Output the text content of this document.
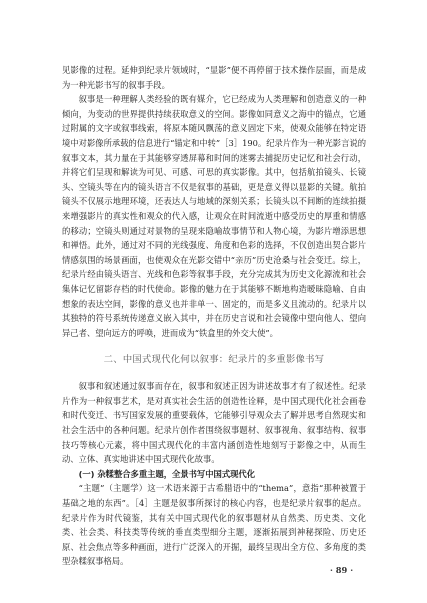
见影像的过程。延伸到纪录片领域时，“显影”便不再停留于技术操作层面，而是成为一种光影书写的叙事手段。

叙事是一种理解人类经验的既有媒介，它已经成为人类理解和创造意义的一种倾向，为变动的世界提供持续获取意义的空间。影像如同意义之海中的锚点，它通过附属的文字或叙事线索，将原本随风飘荡的意义固定下来，使观众能够在特定语境中对影像所承载的信息进行“锚定和中转”［3］190。纪录片作为一种光影言说的叙事文本，其力量在于其能够穿透屏幕和时间的迷雾去捕捉历史记忆和社会行动，并将它们呈现和解读为可见、可感、可思的真实影像。其中，包括航拍镜头、长镜头、空镜头等在内的镜头语言不仅是叙事的基础，更是意义得以显影的关键。航拍镜头不仅展示地理环境，还表达人与地域的深刻关系；长镜头以不间断的连续拍摄来增强影片的真实性和观众的代入感，让观众在时间流逝中感受历史的厚重和情感的移动；空镜头则通过对景物的呈现来隐喻故事情节和人物心境，为影片增添思想和禅悟。此外，通过对不同的光线强度、角度和色彩的选择，不仅创造出契合影片情感氛围的场景画面，也使观众在光影交错中“亲历”历史沧桑与社会变迁。综上，纪录片经由镜头语言、光线和色彩等叙事手段，充分完成其为历史文化源流和社会集体记忆留影存档的时代使命。影像的魅力在于其能够不断地构造暧昧隐喻、自由想象的表达空间，影像的意义也并非单一、固定的，而是多义且流动的。纪录片以其独特的符号系统传递意义嵌入其中，并在历史言说和社会镜像中望向他人、望向异己者、望向远方的呼唤，进而成为“铁盒里的外交大使”。

二、中国式现代化何以叙事：纪录片的多重影像书写

叙事和叙述通过叙事而存在，叙事和叙述正因为讲述故事才有了叙述性。纪录片作为一种叙事艺术，是对真实社会生活的创造性诠释，是中国式现代化社会画卷和时代变迁、书写国家发展的重要载体，它能够引导观众去了解并思考自然现实和社会生活中的各种问题。纪录片创作者围绕叙事题材、叙事视角、叙事结构、叙事技巧等核心元素，将中国式现代化的丰富内涵创造性地刻写于影像之中，从而生动、立体、真实地讲述中国式现代化故事。

(一) 杂糅整合多重主题，全景书写中国式现代化

“主题”（主题学）这一术语来源于古希腊语中的“thema”，意指“那种被置于基础之地的东西”。［4］主题是叙事所探讨的核心内容，也是纪录片叙事的起点。纪录片作为时代镜鉴，其有关中国式现代化的叙事题材从自然类、历史类、文化类、社会类、科技类等传统的垂直类型细分主题，逐渐拓展到神秘探险、历史还原、社会焦点等多种画面，进行广泛深入的开掘，最终呈现出全方位、多角度的类型杂糅叙事格局。

· 89 ·
